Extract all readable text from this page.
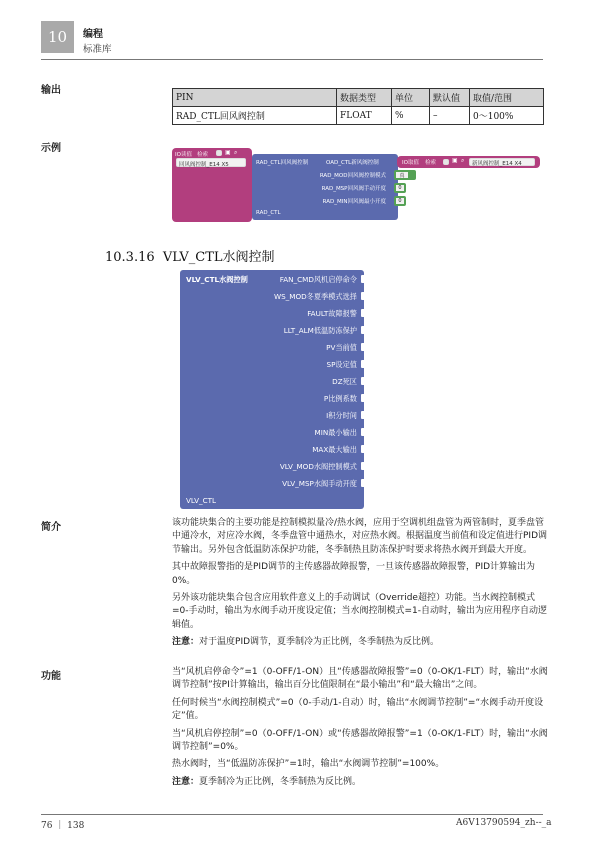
10	编程
标准库
输出
PIN	数据类型	单位	默认值	取值/范围
RAD_CTL回风阀控制	FLOAT	%	–	0～100%
示例
IO读值 检索	▣ ⌕
回风阀控制_E14 X5	RAD_CTL回风阀控制	OAD_CTL新风阀控制
RAD_MOD回风阀控制模式
RAD_MSP回风阀手动开度
RAD_MIN回风阀最小开度
RAD_CTL
真
0
0
IO取值 检索	▣ ⌕ 新风阀控制_E14 X4
10.3.16 VLV_CTL水阀控制
VLV_CTL水阀控制	FAN_CMD风机启停命令
WS_MOD冬夏季模式选择
FAULT故障报警
LLT_ALM低温防冻保护
PV当前值
SP设定值
DZ死区
P比例系数
I积分时间
MIN最小输出
MAX最大输出
VLV_MOD水阀控制模式
VLV_MSP水阀手动开度
VLV_CTL
简介	该功能块集合的主要功能是控制模拟量冷/热水阀，应用于空调机组盘管为两管制时，夏季盘管中通冷水，对应冷水阀，冬季盘管中通热水，对应热水阀。根据温度当前值和设定值进行PID调节输出。另外包含低温防冻保护功能，冬季制热且防冻保护时要求将热水阀开到最大开度。

其中故障报警指的是PID调节的主传感器故障报警，一旦该传感器故障报警，PID计算输出为0%。

另外该功能块集合包含应用软件意义上的手动调试（Override超控）功能。当水阀控制模式=0-手动时，输出为水阀手动开度设定值；当水阀控制模式=1-自动时，输出为应用程序自动逻辑值。

注意：对于温度PID调节，夏季制冷为正比例，冬季制热为反比例。

功能	当“风机启停命令”=1（0-OFF/1-ON）且“传感器故障报警”=0（0-OK/1-FLT）时，输出“水阀调节控制”按PI计算输出，输出百分比值限制在“最小输出”和“最大输出”之间。

任何时候当“水阀控制模式”=0（0-手动/1-自动）时，输出“水阀调节控制”=“水阀手动开度设定”值。

当“风机启停控制”=0（0-OFF/1-ON）或“传感器故障报警”=1（0-OK/1-FLT）时，输出“水阀调节控制”=0%。

热水阀时，当“低温防冻保护”=1时，输出“水阀调节控制”=100%。

注意：夏季制冷为正比例，冬季制热为反比例。

76 ｜ 138	A6V13790594_zh--_a
